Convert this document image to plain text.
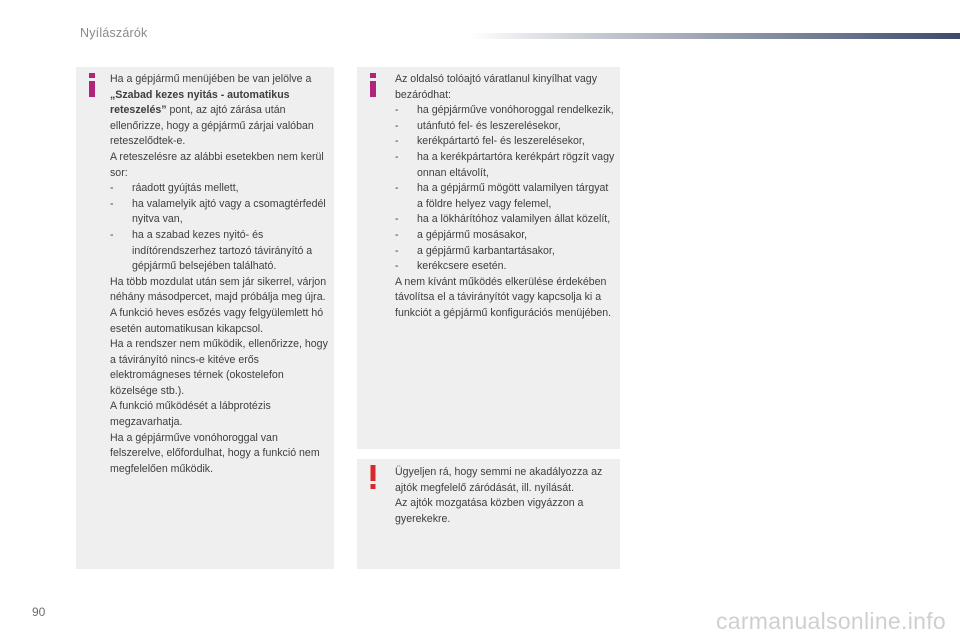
Nyílászárók

Ha a gépjármű menüjében be van jelölve a „Szabad kezes nyitás - automatikus reteszelés” pont, az ajtó zárása után ellenőrizze, hogy a gépjármű zárjai valóban reteszelődtek-e.

A reteszelésre az alábbi esetekben nem kerül sor:

-	ráadott gyújtás mellett,
-	ha valamelyik ajtó vagy a csomagtérfedél nyitva van,
-	ha a szabad kezes nyitó- és indítórendszerhez tartozó távirányító a gépjármű belsejében található.

Ha több mozdulat után sem jár sikerrel, várjon néhány másodpercet, majd próbálja meg újra.

A funkció heves esőzés vagy felgyülemlett hó esetén automatikusan kikapcsol.

Ha a rendszer nem működik, ellenőrizze, hogy a távirányító nincs-e kitéve erős elektromágneses térnek (okostelefon közelsége stb.).

A funkció működését a lábprotézis megzavarhatja.

Ha a gépjárműve vonóhoroggal van felszerelve, előfordulhat, hogy a funkció nem megfelelően működik.

Az oldalsó tolóajtó váratlanul kinyílhat vagy bezáródhat:

-	ha gépjárműve vonóhoroggal rendelkezik,
-	utánfutó fel- és leszerelésekor,
-	kerékpártartó fel- és leszerelésekor,
-	ha a kerékpártartóra kerékpárt rögzít vagy onnan eltávolít,
-	ha a gépjármű mögött valamilyen tárgyat a földre helyez vagy felemel,
-	ha a lökhárítóhoz valamilyen állat közelít,
-	a gépjármű mosásakor,
-	a gépjármű karbantartásakor,
-	kerékcsere esetén.

A nem kívánt működés elkerülése érdekében távolítsa el a távirányítót vagy kapcsolja ki a funkciót a gépjármű konfigurációs menüjében.

Ügyeljen rá, hogy semmi ne akadályozza az ajtók megfelelő záródását, ill. nyílását.

Az ajtók mozgatása közben vigyázzon a gyerekekre.

90	carmanualsonline.info
